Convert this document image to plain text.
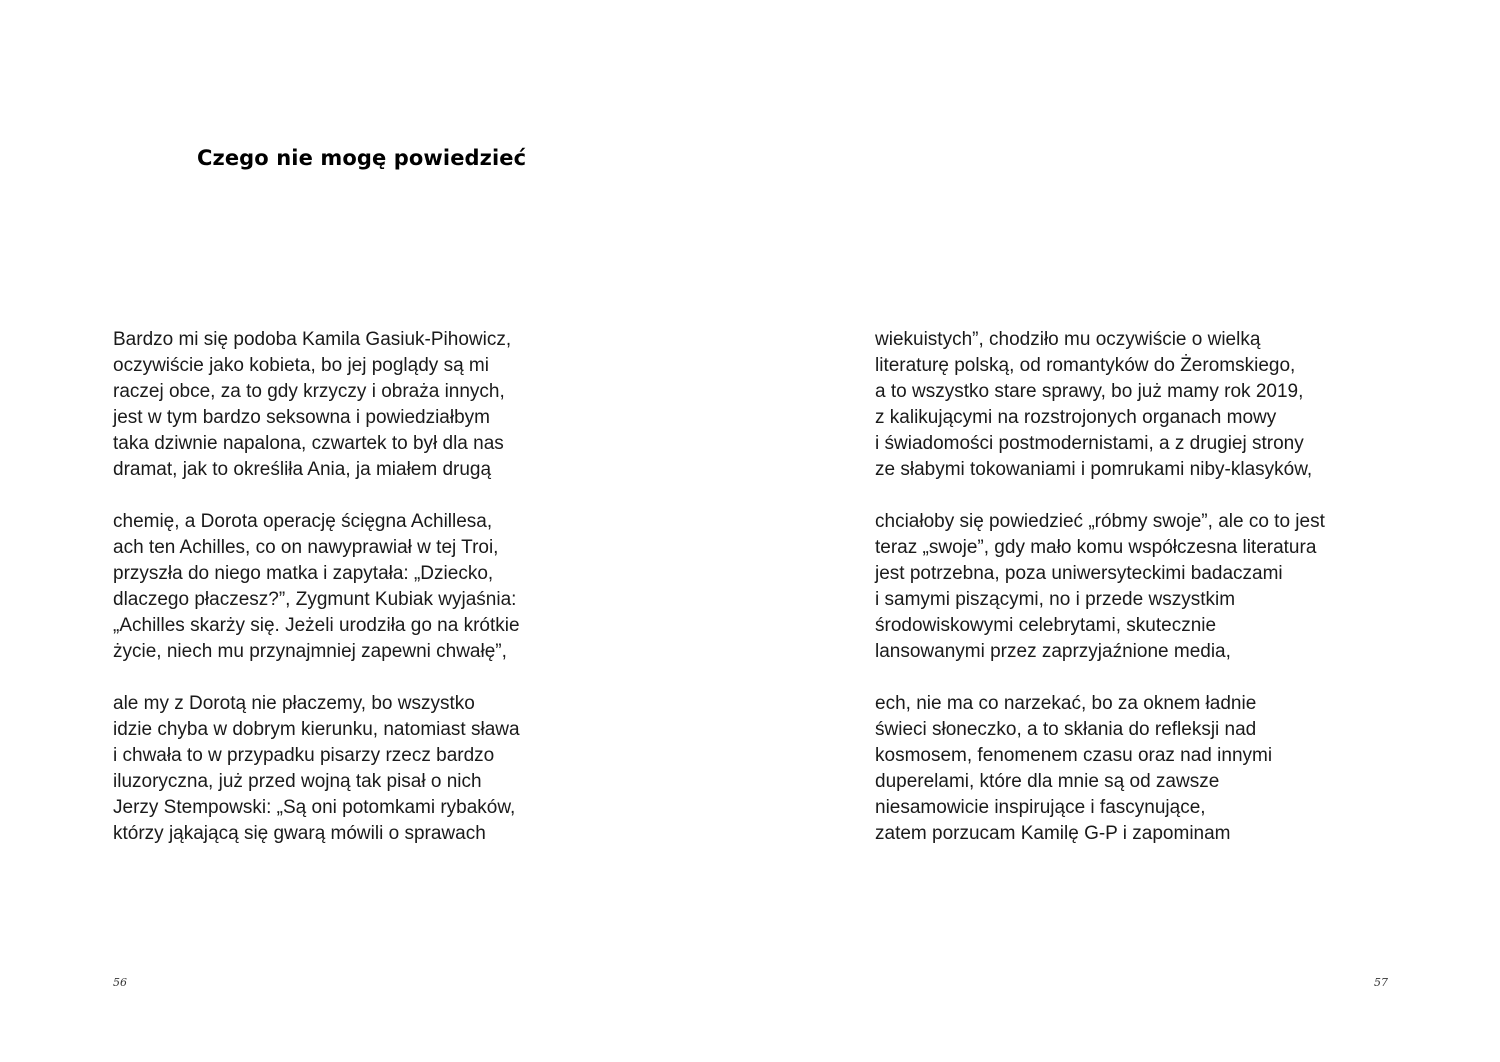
Czego nie mogę powiedzieć

Bardzo mi się podoba Kamila Gasiuk-Pihowicz,
oczywiście jako kobieta, bo jej poglądy są mi
raczej obce, za to gdy krzyczy i obraża innych,
jest w tym bardzo seksowna i powiedziałbym
taka dziwnie napalona, czwartek to był dla nas
dramat, jak to określiła Ania, ja miałem drugą

chemię, a Dorota operację ścięgna Achillesa,
ach ten Achilles, co on nawyprawiał w tej Troi,
przyszła do niego matka i zapytała: „Dziecko,
dlaczego płaczesz?”, Zygmunt Kubiak wyjaśnia:
„Achilles skarży się. Jeżeli urodziła go na krótkie
życie, niech mu przynajmniej zapewni chwałę”,

ale my z Dorotą nie płaczemy, bo wszystko
idzie chyba w dobrym kierunku, natomiast sława
i chwała to w przypadku pisarzy rzecz bardzo
iluzoryczna, już przed wojną tak pisał o nich
Jerzy Stempowski: „Są oni potomkami rybaków,
którzy jąkającą się gwarą mówili o sprawach

56

wiekuistych”, chodziło mu oczywiście o wielką
literaturę polską, od romantyków do Żeromskiego,
a to wszystko stare sprawy, bo już mamy rok 2019,
z kalikującymi na rozstrojonych organach mowy
i świadomości postmodernistami, a z drugiej strony
ze słabymi tokowaniami i pomrukami niby-klasyków,

chciałoby się powiedzieć „róbmy swoje”, ale co to jest
teraz „swoje”, gdy mało komu współczesna literatura
jest potrzebna, poza uniwersyteckimi badaczami
i samymi piszącymi, no i przede wszystkim
środowiskowymi celebrytami, skutecznie
lansowanymi przez zaprzyjaźnione media,

ech, nie ma co narzekać, bo za oknem ładnie
świeci słoneczko, a to skłania do refleksji nad
kosmosem, fenomenem czasu oraz nad innymi
duperelami, które dla mnie są od zawsze
niesamowicie inspirujące i fascynujące,
zatem porzucam Kamilę G-P i zapominam

57
